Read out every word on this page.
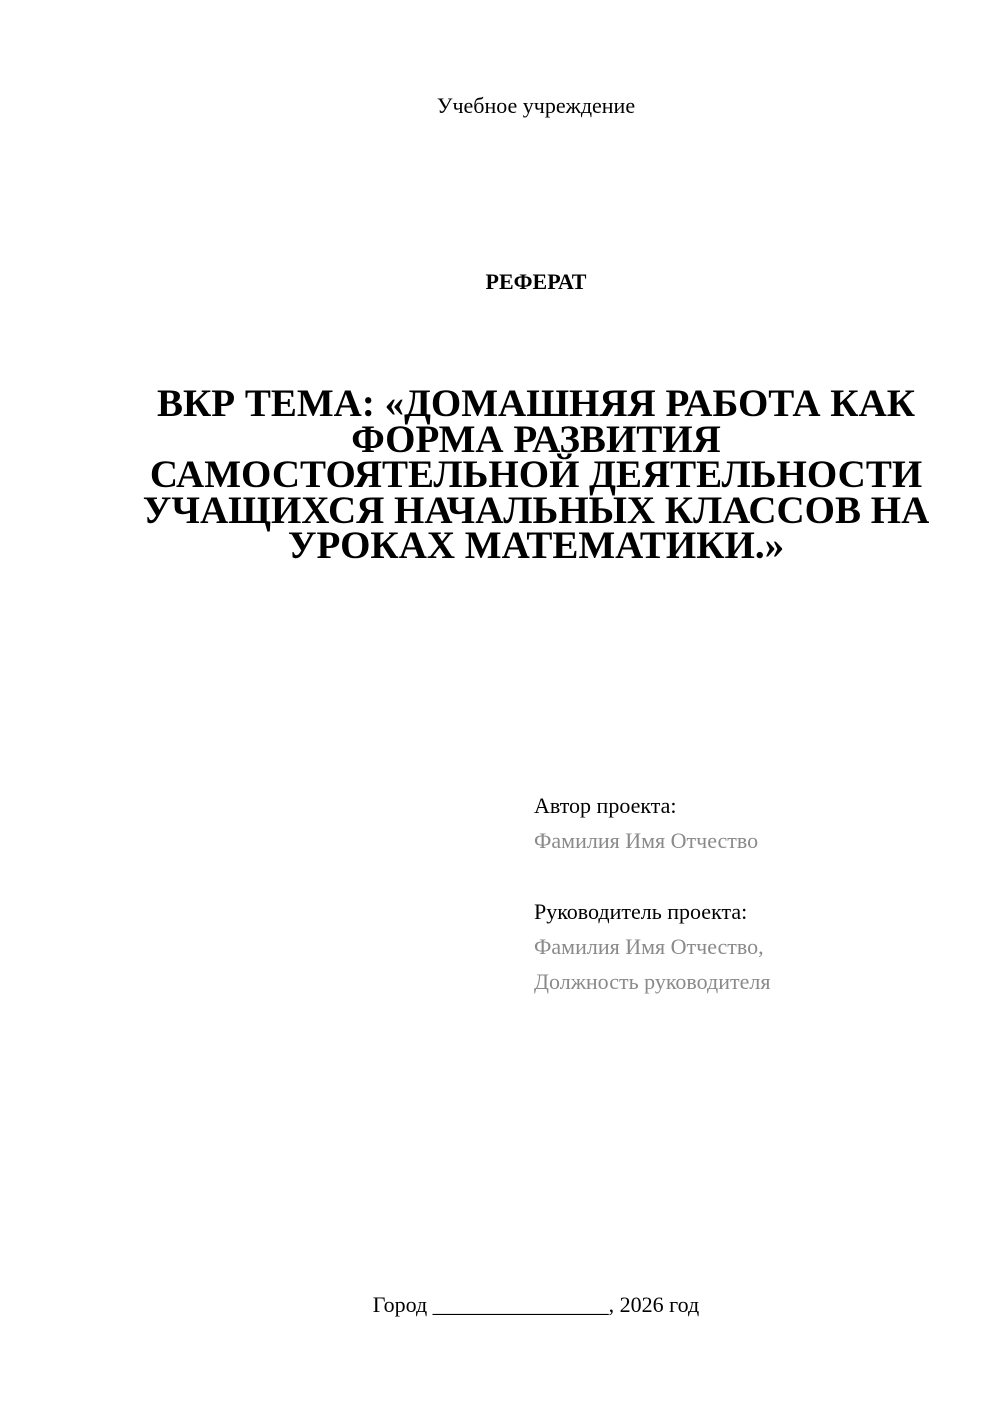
Учебное учреждение
РЕФЕРАТ
ВКР ТЕМА: «ДОМАШНЯЯ РАБОТА КАК
ФОРМА РАЗВИТИЯ
САМОСТОЯТЕЛЬНОЙ ДЕЯТЕЛЬНОСТИ
УЧАЩИХСЯ НАЧАЛЬНЫХ КЛАССОВ НА
УРОКАХ МАТЕМАТИКИ.»
Автор проекта:
Фамилия Имя Отчество
Руководитель проекта:
Фамилия Имя Отчество,
Должность руководителя
Город ________________, 2026 год
